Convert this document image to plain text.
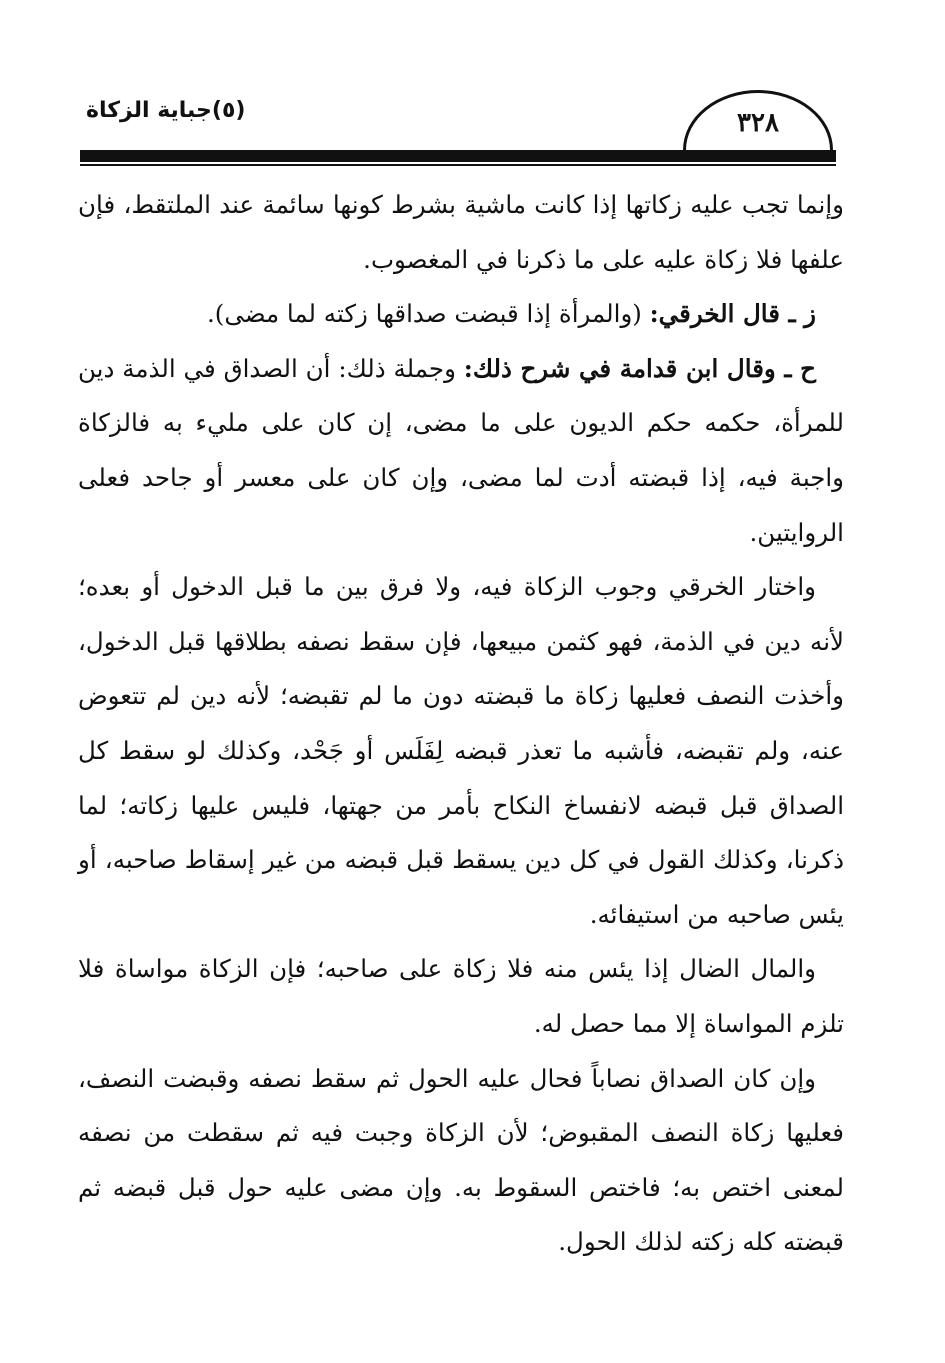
(٥)جباية الزكاة	٣٢٨

وإنما تجب عليه زكاتها إذا كانت ماشية بشرط كونها سائمة عند الملتقط، فإن علفها فلا زكاة عليه على ما ذكرنا في المغصوب.

ز ـ قال الخرقي: (والمرأة إذا قبضت صداقها زكته لما مضى).

ح ـ وقال ابن قدامة في شرح ذلك: وجملة ذلك: أن الصداق في الذمة دين للمرأة، حكمه حكم الديون على ما مضى، إن كان على مليء به فالزكاة واجبة فيه، إذا قبضته أدت لما مضى، وإن كان على معسر أو جاحد فعلى الروايتين.

واختار الخرقي وجوب الزكاة فيه، ولا فرق بين ما قبل الدخول أو بعده؛ لأنه دين في الذمة، فهو كثمن مبيعها، فإن سقط نصفه بطلاقها قبل الدخول، وأخذت النصف فعليها زكاة ما قبضته دون ما لم تقبضه؛ لأنه دين لم تتعوض عنه، ولم تقبضه، فأشبه ما تعذر قبضه لِفَلَس أو جَحْد، وكذلك لو سقط كل الصداق قبل قبضه لانفساخ النكاح بأمر من جهتها، فليس عليها زكاته؛ لما ذكرنا، وكذلك القول في كل دين يسقط قبل قبضه من غير إسقاط صاحبه، أو يئس صاحبه من استيفائه.

والمال الضال إذا يئس منه فلا زكاة على صاحبه؛ فإن الزكاة مواساة فلا تلزم المواساة إلا مما حصل له.

وإن كان الصداق نصاباً فحال عليه الحول ثم سقط نصفه وقبضت النصف، فعليها زكاة النصف المقبوض؛ لأن الزكاة وجبت فيه ثم سقطت من نصفه لمعنى اختص به؛ فاختص السقوط به. وإن مضى عليه حول قبل قبضه ثم قبضته كله زكته لذلك الحول.
